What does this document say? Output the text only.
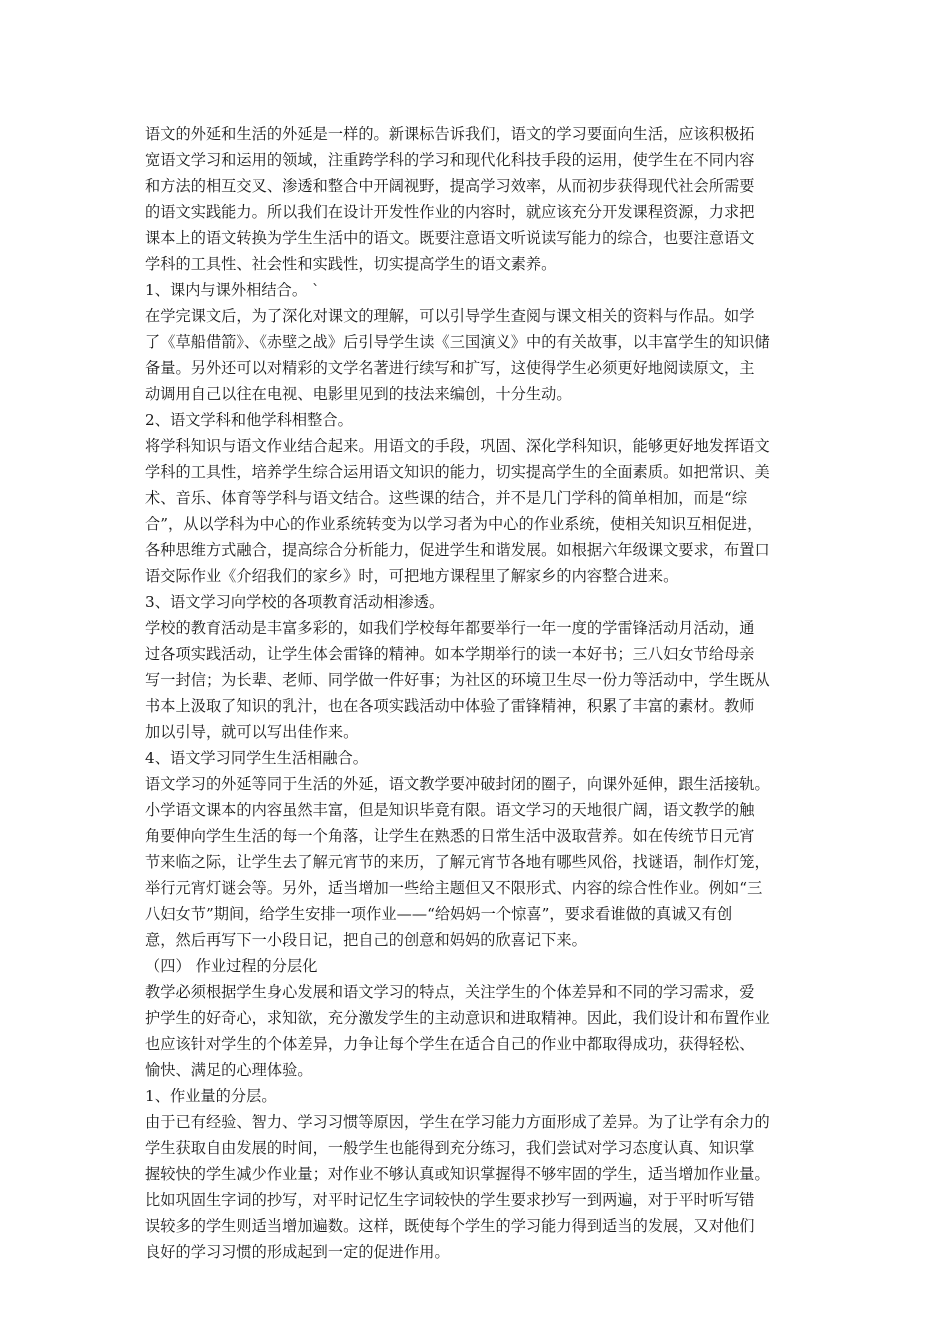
语文的外延和生活的外延是一样的。新课标告诉我们，语文的学习要面向生活，应该积极拓
宽语文学习和运用的领域，注重跨学科的学习和现代化科技手段的运用，使学生在不同内容
和方法的相互交叉、渗透和整合中开阔视野，提高学习效率，从而初步获得现代社会所需要
的语文实践能力。所以我们在设计开发性作业的内容时，就应该充分开发课程资源，力求把
课本上的语文转换为学生生活中的语文。既要注意语文听说读写能力的综合，也要注意语文
学科的工具性、社会性和实践性，切实提高学生的语文素养。
1、课内与课外相结合。 `
在学完课文后，为了深化对课文的理解，可以引导学生查阅与课文相关的资料与作品。如学
了《草船借箭》、《赤壁之战》后引导学生读《三国演义》中的有关故事，以丰富学生的知识储
备量。另外还可以对精彩的文学名著进行续写和扩写，这使得学生必须更好地阅读原文，主
动调用自己以往在电视、电影里见到的技法来编创，十分生动。
2、语文学科和他学科相整合。
将学科知识与语文作业结合起来。用语文的手段，巩固、深化学科知识，能够更好地发挥语文
学科的工具性，培养学生综合运用语文知识的能力，切实提高学生的全面素质。如把常识、美
术、音乐、体育等学科与语文结合。这些课的结合，并不是几门学科的简单相加，而是“综
合”，从以学科为中心的作业系统转变为以学习者为中心的作业系统，使相关知识互相促进，
各种思维方式融合，提高综合分析能力，促进学生和谐发展。如根据六年级课文要求，布置口
语交际作业《介绍我们的家乡》时，可把地方课程里了解家乡的内容整合进来。
3、语文学习向学校的各项教育活动相渗透。
学校的教育活动是丰富多彩的，如我们学校每年都要举行一年一度的学雷锋活动月活动，通
过各项实践活动，让学生体会雷锋的精神。如本学期举行的读一本好书；三八妇女节给母亲
写一封信；为长辈、老师、同学做一件好事；为社区的环境卫生尽一份力等活动中，学生既从
书本上汲取了知识的乳汁，也在各项实践活动中体验了雷锋精神，积累了丰富的素材。教师
加以引导，就可以写出佳作来。
4、语文学习同学生生活相融合。
语文学习的外延等同于生活的外延，语文教学要冲破封闭的圈子，向课外延伸，跟生活接轨。
小学语文课本的内容虽然丰富，但是知识毕竟有限。语文学习的天地很广阔，语文教学的触
角要伸向学生生活的每一个角落，让学生在熟悉的日常生活中汲取营养。如在传统节日元宵
节来临之际，让学生去了解元宵节的来历，了解元宵节各地有哪些风俗，找谜语，制作灯笼，
举行元宵灯谜会等。另外，适当增加一些给主题但又不限形式、内容的综合性作业。例如“三
八妇女节”期间，给学生安排一项作业——“给妈妈一个惊喜”，要求看谁做的真诚又有创
意，然后再写下一小段日记，把自己的创意和妈妈的欣喜记下来。
（四） 作业过程的分层化
教学必须根据学生身心发展和语文学习的特点，关注学生的个体差异和不同的学习需求，爱
护学生的好奇心，求知欲，充分激发学生的主动意识和进取精神。因此，我们设计和布置作业
也应该针对学生的个体差异，力争让每个学生在适合自己的作业中都取得成功，获得轻松、
愉快、满足的心理体验。
1、作业量的分层。
由于已有经验、智力、学习习惯等原因，学生在学习能力方面形成了差异。为了让学有余力的
学生获取自由发展的时间，一般学生也能得到充分练习，我们尝试对学习态度认真、知识掌
握较快的学生减少作业量；对作业不够认真或知识掌握得不够牢固的学生，适当增加作业量。
比如巩固生字词的抄写，对平时记忆生字词较快的学生要求抄写一到两遍，对于平时听写错
误较多的学生则适当增加遍数。这样，既使每个学生的学习能力得到适当的发展，又对他们
良好的学习习惯的形成起到一定的促进作用。
